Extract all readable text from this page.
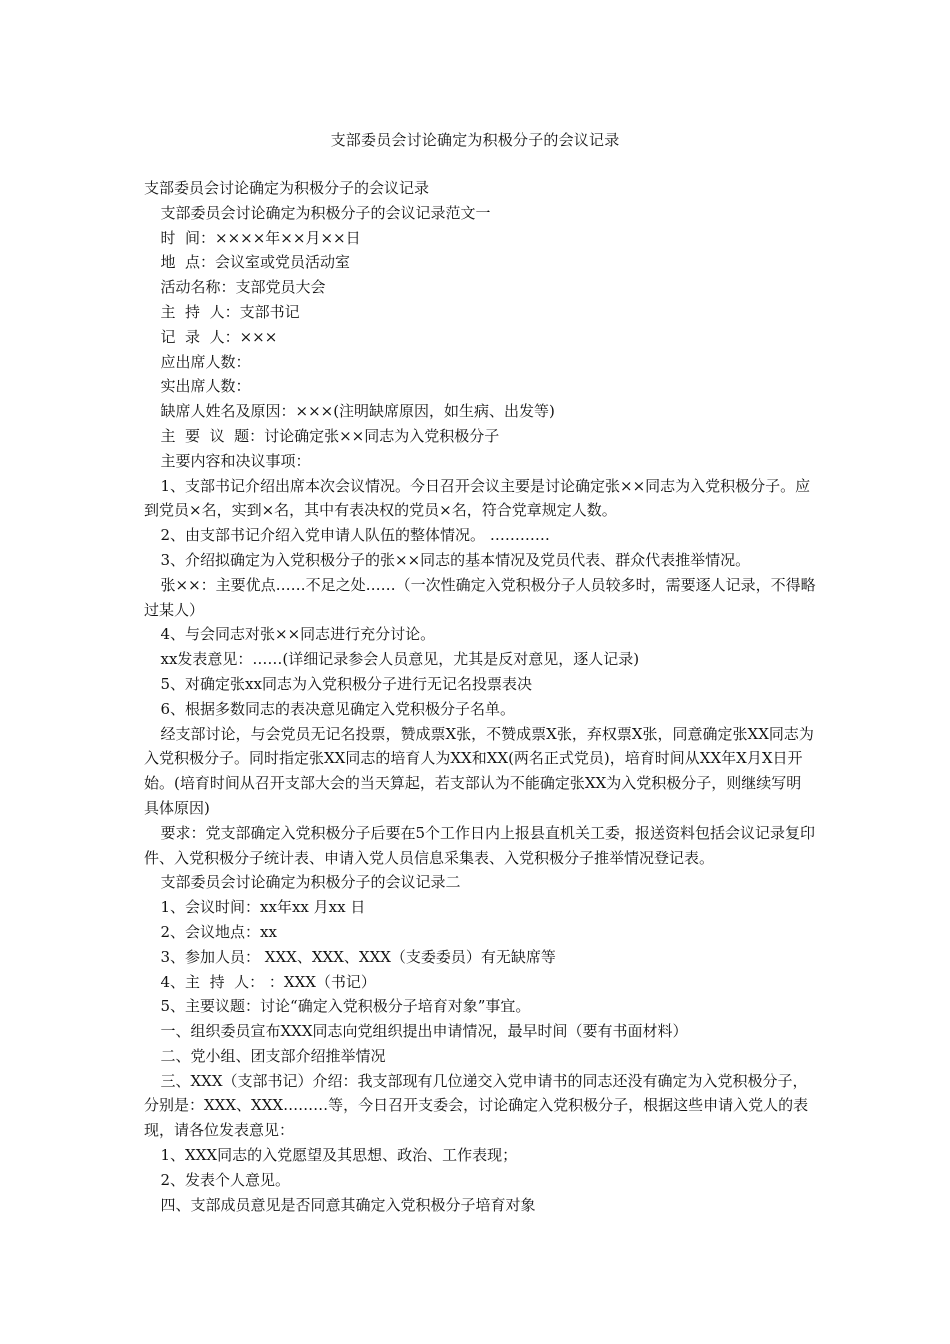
支部委员会讨论确定为积极分子的会议记录

支部委员会讨论确定为积极分子的会议记录

支部委员会讨论确定为积极分子的会议记录范文一

时  间：××××年××月××日

地  点：会议室或党员活动室

活动名称：支部党员大会

主  持  人：支部书记

记  录  人：×××

应出席人数：

实出席人数：

缺席人姓名及原因：×××(注明缺席原因，如生病、出发等)

主  要  议  题：讨论确定张××同志为入党积极分子

主要内容和决议事项：

1、支部书记介绍出席本次会议情况。今日召开会议主要是讨论确定张××同志为入党积极分子。应到党员×名，实到×名，其中有表决权的党员×名，符合党章规定人数。

2、由支部书记介绍入党申请人队伍的整体情况。 …………

3、介绍拟确定为入党积极分子的张××同志的基本情况及党员代表、群众代表推举情况。

张××：主要优点……不足之处……（一次性确定入党积极分子人员较多时，需要逐人记录，不得略过某人）

4、与会同志对张××同志进行充分讨论。

xx发表意见：……(详细记录参会人员意见，尤其是反对意见，逐人记录)

5、对确定张xx同志为入党积极分子进行无记名投票表决

6、根据多数同志的表决意见确定入党积极分子名单。

经支部讨论，与会党员无记名投票，赞成票X张，不赞成票X张，弃权票X张，同意确定张XX同志为入党积极分子。同时指定张XX同志的培育人为XX和XX(两名正式党员)，培育时间从XX年X月X日开始。(培育时间从召开支部大会的当天算起，若支部认为不能确定张XX为入党积极分子，则继续写明具体原因)

要求：党支部确定入党积极分子后要在5个工作日内上报县直机关工委，报送资料包括会议记录复印件、入党积极分子统计表、申请入党人员信息采集表、入党积极分子推举情况登记表。

支部委员会讨论确定为积极分子的会议记录二

1、会议时间：xx年xx 月xx 日

2、会议地点：xx

3、参加人员： XXX、XXX、XXX（支委委员）有无缺席等

4、主  持  人： ：XXX（书记）

5、主要议题：讨论“确定入党积极分子培育对象”事宜。

一、组织委员宣布XXX同志向党组织提出申请情况，最早时间（要有书面材料）

二、党小组、团支部介绍推举情况

三、XXX（支部书记）介绍：我支部现有几位递交入党申请书的同志还没有确定为入党积极分子，分别是：XXX、XXX………等，今日召开支委会，讨论确定入党积极分子，根据这些申请入党人的表现，请各位发表意见：

1、XXX同志的入党愿望及其思想、政治、工作表现；

2、发表个人意见。

四、支部成员意见是否同意其确定入党积极分子培育对象
